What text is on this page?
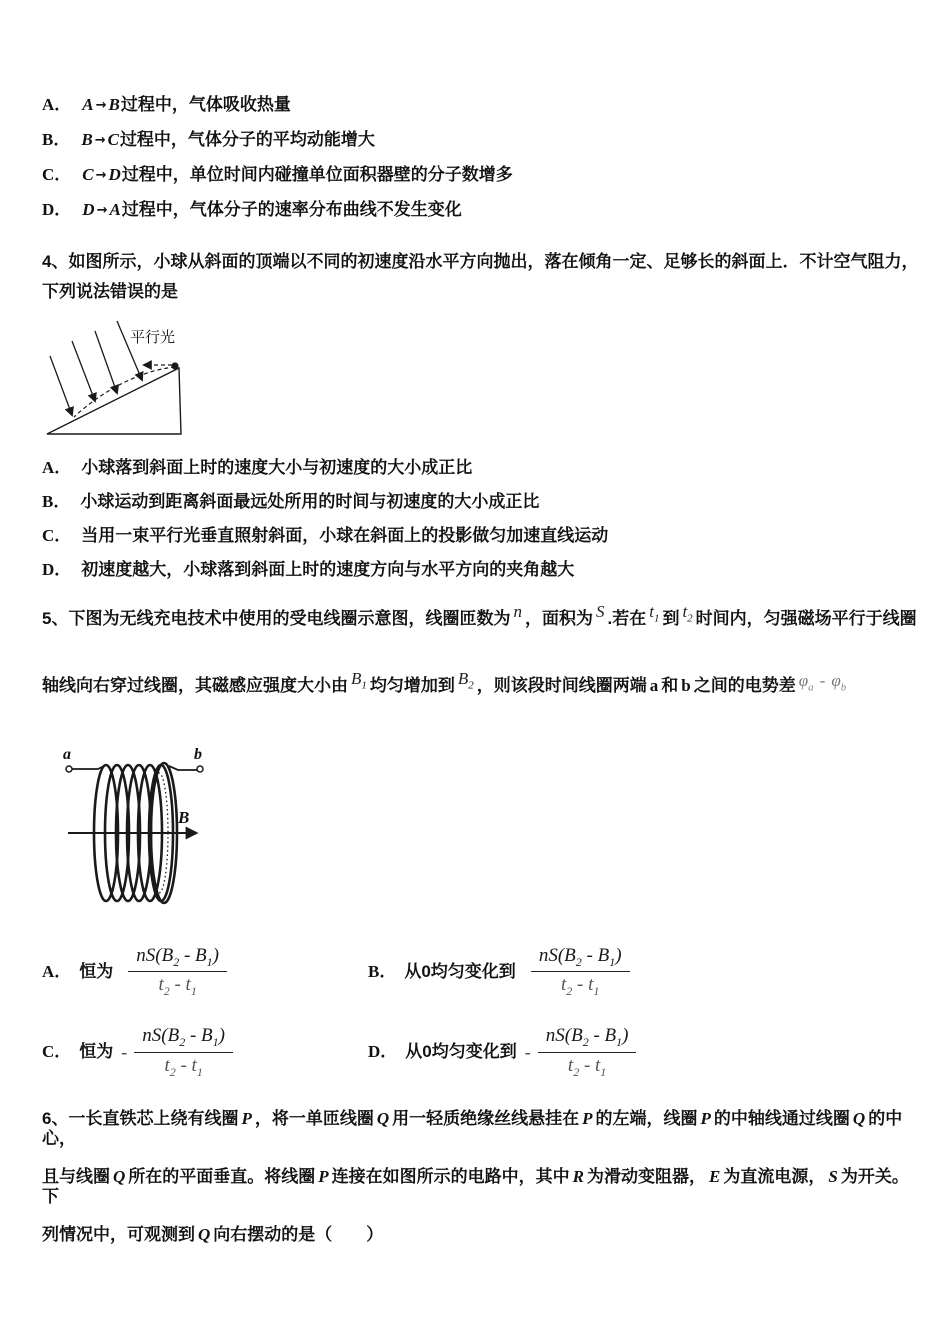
A． A → B过程中，气体吸收热量
B． B → C过程中，气体分子的平均动能增大
C． C → D过程中，单位时间内碰撞单位面积器壁的分子数增多
D． D → A过程中，气体分子的速率分布曲线不发生变化
4、如图所示，小球从斜面的顶端以不同的初速度沿水平方向抛出，落在倾角一定、足够长的斜面上．不计空气阻力，
下列说法错误的是
平行光
A． 小球落到斜面上时的速度大小与初速度的大小成正比
B． 小球运动到距离斜面最远处所用的时间与初速度的大小成正比
C． 当用一束平行光垂直照射斜面，小球在斜面上的投影做匀加速直线运动
D． 初速度越大，小球落到斜面上时的速度方向与水平方向的夹角越大
5、下图为无线充电技术中使用的受电线圈示意图，线圈匝数为 n ，面积为 S .若在 $t_1$ 到 $t_2$ 时间内，匀强磁场平行于线圈
轴线向右穿过线圈，其磁感应强度大小由 $B_1$ 均匀增加到 $B_2$ ，则该段时间线圈两端 a 和 b 之间的电势差 $\varphi_a - \varphi_b$
a	b
B
A． 恒为 $\frac{nS(B_2 - B_1)}{t_2 - t_1}$	B． 从0均匀变化到 $\frac{nS(B_2 - B_1)}{t_2 - t_1}$
C． 恒为 - $\frac{nS(B_2 - B_1)}{t_2 - t_1}$	D． 从0均匀变化到 - $\frac{nS(B_2 - B_1)}{t_2 - t_1}$
6、一长直铁芯上绕有线圈 P ，将一单匝线圈 Q 用一轻质绝缘丝线悬挂在 P 的左端，线圈 P 的中轴线通过线圈 Q 的中心，
且与线圈 Q 所在的平面垂直。将线圈 P 连接在如图所示的电路中，其中 R 为滑动变阻器， E 为直流电源， S 为开关。下
列情况中，可观测到 Q 向右摆动的是（　　）
